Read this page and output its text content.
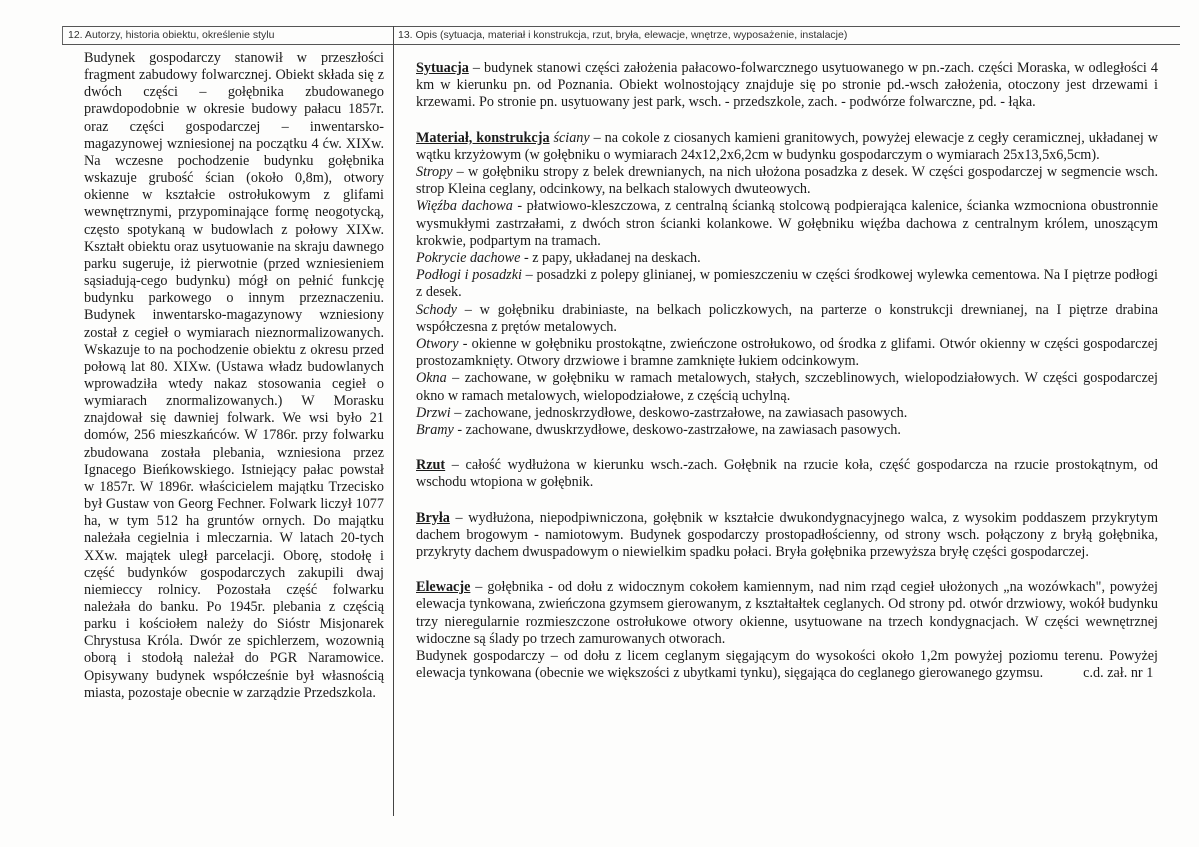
12. Autorzy, historia obiektu, określenie stylu	13. Opis (sytuacja, materiał i konstrukcja, rzut, bryła, elewacje, wnętrze, wyposażenie, instalacje)

Budynek gospodarczy stanowił w przeszłości fragment zabudowy folwarcznej. Obiekt składa się z dwóch części – gołębnika zbudowanego prawdopodobnie w okresie budowy pałacu 1857r. oraz części gospodarczej – inwentarsko-magazynowej wzniesionej na początku 4 ćw. XIXw. Na wczesne pochodzenie budynku gołębnika wskazuje grubość ścian (około 0,8m), otwory okienne w kształcie ostrołukowym z glifami wewnętrznymi, przypominające formę neogotycką, często spotykaną w budowlach z połowy XIXw. Kształt obiektu oraz usytuowanie na skraju dawnego parku sugeruje, iż pierwotnie (przed wzniesieniem sąsiadują-cego budynku) mógł on pełnić funkcję budynku parkowego o innym przeznaczeniu. Budynek inwentarsko-magazynowy wzniesiony został z cegieł o wymiarach nieznormalizowanych. Wskazuje to na pochodzenie obiektu z okresu przed połową lat 80. XIXw. (Ustawa władz budowlanych wprowadziła wtedy nakaz stosowania cegieł o wymiarach znormalizowanych.) W Morasku znajdował się dawniej folwark. We wsi było 21 domów, 256 mieszkańców. W 1786r. przy folwarku zbudowana została plebania, wzniesiona przez Ignacego Bieńkowskiego. Istniejący pałac powstał w 1857r. W 1896r. właścicielem majątku Trzecisko był Gustaw von Georg Fechner. Folwark liczył 1077 ha, w tym 512 ha gruntów ornych. Do majątku należała cegielnia i mleczarnia. W latach 20-tych XXw. majątek uległ parcelacji. Oborę, stodołę i część budynków gospodarczych zakupili dwaj niemieccy rolnicy. Pozostała część folwarku należała do banku. Po 1945r. plebania z częścią parku i kościołem należy do Sióstr Misjonarek Chrystusa Króla. Dwór ze spichlerzem, wozownią oborą i stodołą należał do PGR Naramowice. Opisywany budynek współcześnie był własnością miasta, pozostaje obecnie w zarządzie Przedszkola.

Sytuacja – budynek stanowi części założenia pałacowo-folwarcznego usytuowanego w pn.-zach. części Moraska, w odległości 4 km w kierunku pn. od Poznania. Obiekt wolnostojący znajduje się po stronie pd.-wsch założenia, otoczony jest drzewami i krzewami. Po stronie pn. usytuowany jest park, wsch. - przedszkole, zach. - podwórze folwarczne, pd. - łąka.

Materiał, konstrukcja ściany – na cokole z ciosanych kamieni granitowych, powyżej elewacje z cegły ceramicznej, układanej w wątku krzyżowym (w gołębniku o wymiarach 24x12,2x6,2cm w budynku gospodarczym o wymiarach 25x13,5x6,5cm).

Stropy – w gołębniku stropy z belek drewnianych, na nich ułożona posadzka z desek. W części gospodarczej w segmencie wsch. strop Kleina ceglany, odcinkowy, na belkach stalowych dwuteowych.

Więźba dachowa - płatwiowo-kleszczowa, z centralną ścianką stolcową podpierająca kalenice, ścianka wzmocniona obustronnie wysmukłymi zastrzałami, z dwóch stron ścianki kolankowe. W gołębniku więźba dachowa z centralnym królem, unoszącym krokwie, podpartym na tramach.

Pokrycie dachowe - z papy, układanej na deskach.

Podłogi i posadzki – posadzki z polepy glinianej, w pomieszczeniu w części środkowej wylewka cementowa. Na I piętrze podłogi z desek.

Schody – w gołębniku drabiniaste, na belkach policzkowych, na parterze o konstrukcji drewnianej, na I piętrze drabina współczesna z prętów metalowych.

Otwory - okienne w gołębniku prostokątne, zwieńczone ostrołukowo, od środka z glifami. Otwór okienny w części gospodarczej prostozamknięty. Otwory drzwiowe i bramne zamknięte łukiem odcinkowym.

Okna – zachowane, w gołębniku w ramach metalowych, stałych, szczeblinowych, wielopodziałowych. W części gospodarczej okno w ramach metalowych, wielopodziałowe, z częścią uchylną.

Drzwi – zachowane, jednoskrzydłowe, deskowo-zastrzałowe, na zawiasach pasowych.

Bramy - zachowane, dwuskrzydłowe, deskowo-zastrzałowe, na zawiasach pasowych.

Rzut – całość wydłużona w kierunku wsch.-zach. Gołębnik na rzucie koła, część gospodarcza na rzucie prostokątnym, od wschodu wtopiona w gołębnik.

Bryła – wydłużona, niepodpiwniczona, gołębnik w kształcie dwukondygnacyjnego walca, z wysokim poddaszem przykrytym dachem brogowym - namiotowym. Budynek gospodarczy prostopadłościenny, od strony wsch. połączony z bryłą gołębnika, przykryty dachem dwuspadowym o niewielkim spadku połaci. Bryła gołębnika przewyższa bryłę części gospodarczej.

Elewacje – gołębnika - od dołu z widocznym cokołem kamiennym, nad nim rząd cegieł ułożonych „na wozówkach", powyżej elewacja tynkowana, zwieńczona gzymsem gierowanym, z kształtałtek ceglanych. Od strony pd. otwór drzwiowy, wokół budynku trzy nieregularnie rozmieszczone ostrołukowe otwory okienne, usytuowane na trzech kondygnacjach. W części wewnętrznej widoczne są ślady po trzech zamurowanych otworach.

Budynek gospodarczy – od dołu z licem ceglanym sięgającym do wysokości około 1,2m powyżej poziomu terenu. Powyżej elewacja tynkowana (obecnie we większości z ubytkami tynku), sięgająca do ceglanego gierowanego gzymsu.	c.d. zał. nr 1
